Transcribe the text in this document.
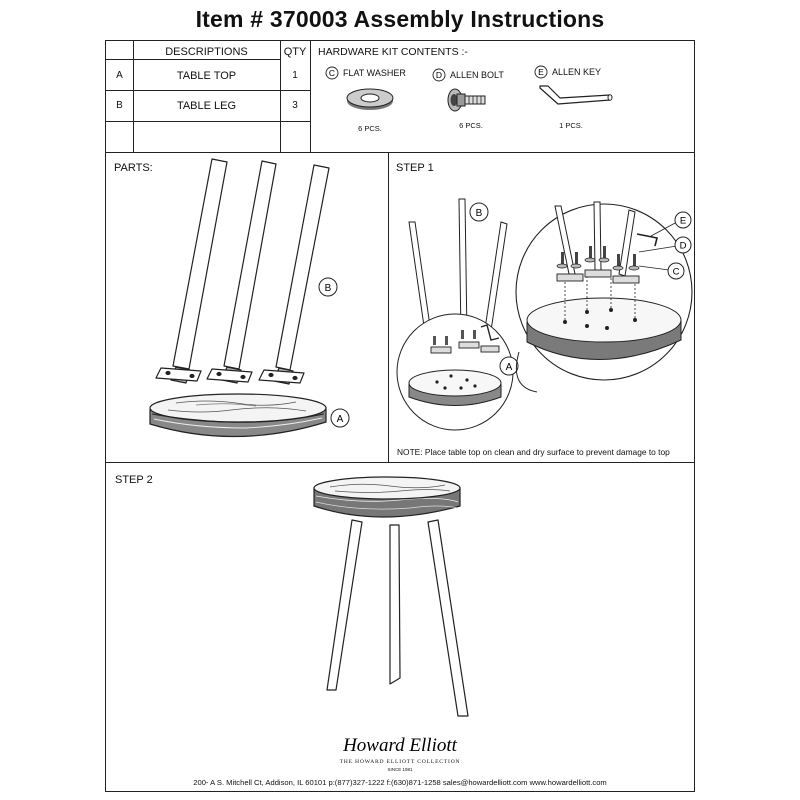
Item # 370003 Assembly Instructions
DESCRIPTIONS	QTY
A	TABLE TOP	1
B	TABLE LEG	3
HARDWARE KIT CONTENTS :-
C FLAT WASHER	D ALLEN BOLT	E ALLEN KEY
6 PCS.	6 PCS.	1 PCS.
PARTS:
B
A
STEP 1
B
A
E
D
C
NOTE: Place table top on clean and dry surface to prevent damage to top
STEP 2
Howard Elliott
THE HOWARD ELLIOTT COLLECTION
SINCE 1981
200- A S. Mitchell Ct, Addison, IL 60101 p:(877)327-1222 f:(630)871-1258 sales@howardelliott.com www.howardelliott.com
